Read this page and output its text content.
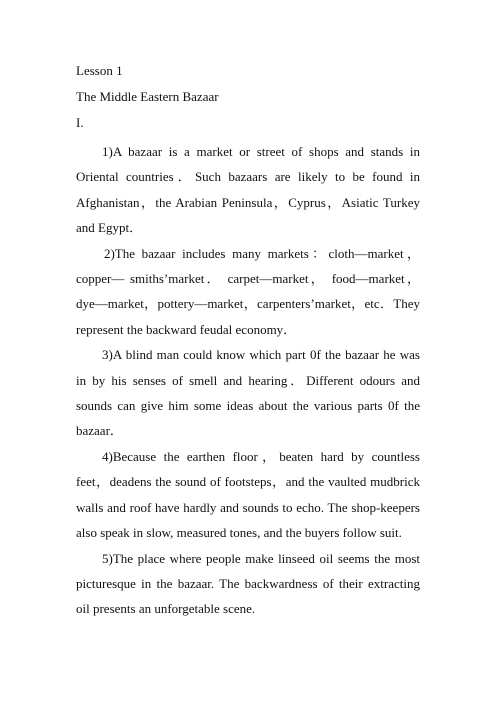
Lesson 1
The Middle Eastern Bazaar
I.

1)A bazaar is a market or street of shops and stands in Oriental countries．Such bazaars are likely to be found in Afghanistan，the Arabian Peninsula，Cyprus，Asiatic Turkey and Egypt．

2)The bazaar includes many markets：cloth—market，copper— smiths’market． carpet—market， food—market，dye—market，pottery—market，carpenters’market，etc．They represent the backward feudal economy．

3)A blind man could know which part 0f the bazaar he was in by his senses of smell and hearing．Different odours and sounds can give him some ideas about the various parts 0f the bazaar．

4)Because the earthen floor，beaten hard by countless feet，deadens the sound of footsteps，and the vaulted mudbrick walls and roof have hardly and sounds to echo. The shop-keepers also speak in slow, measured tones, and the buyers follow suit.

5)The place where people make linseed oil seems the most picturesque in the bazaar. The backwardness of their extracting oil presents an unforgetable scene.
